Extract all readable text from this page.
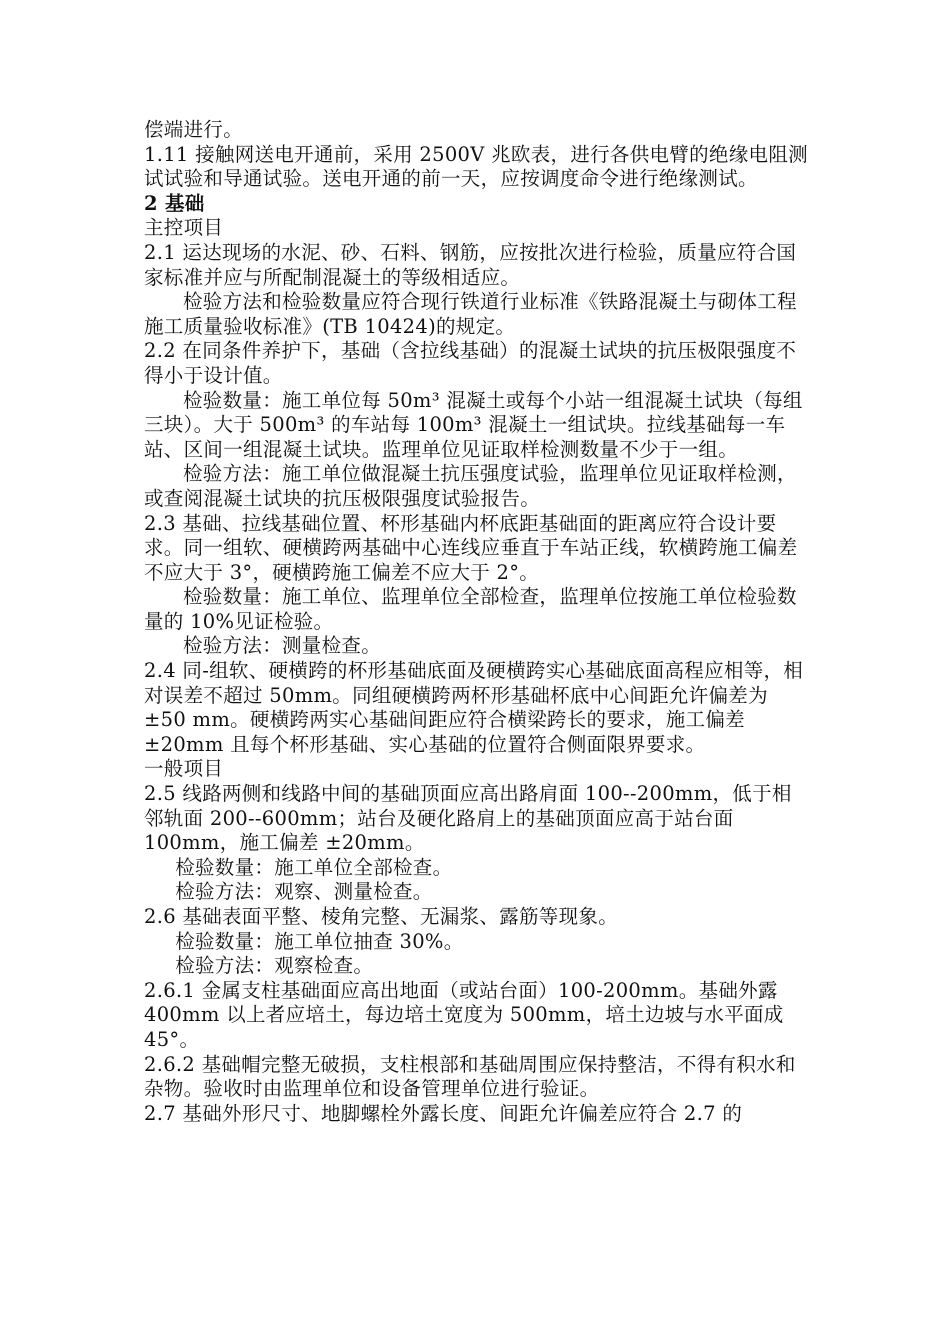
偿端进行。

1.11 接触网送电开通前，采用 2500V 兆欧表，进行各供电臂的绝缘电阻测试试验和导通试验。送电开通的前一天，应按调度命令进行绝缘测试。

2 基础

主控项目

2.1 运达现场的水泥、砂、石料、钢筋，应按批次进行检验，质量应符合国家标准并应与所配制混凝土的等级相适应。

检验方法和检验数量应符合现行铁道行业标准《铁路混凝土与砌体工程施工质量验收标准》(TB 10424)的规定。

2.2 在同条件养护下，基础（含拉线基础）的混凝土试块的抗压极限强度不得小于设计值。

检验数量：施工单位每 50m³ 混凝土或每个小站一组混凝土试块（每组三块）。大于 500m³ 的车站每 100m³ 混凝土一组试块。拉线基础每一车站、区间一组混凝土试块。监理单位见证取样检测数量不少于一组。

检验方法：施工单位做混凝土抗压强度试验，监理单位见证取样检测，或查阅混凝土试块的抗压极限强度试验报告。

2.3 基础、拉线基础位置、杯形基础内杯底距基础面的距离应符合设计要求。同一组软、硬横跨两基础中心连线应垂直于车站正线，软横跨施工偏差不应大于 3°，硬横跨施工偏差不应大于 2°。

检验数量：施工单位、监理单位全部检查，监理单位按施工单位检验数量的 10%见证检验。

检验方法：测量检查。

2.4 同-组软、硬横跨的杯形基础底面及硬横跨实心基础底面高程应相等，相对误差不超过 50mm。同组硬横跨两杯形基础杯底中心间距允许偏差为 ±50 mm。硬横跨两实心基础间距应符合横梁跨长的要求，施工偏差 ±20mm 且每个杯形基础、实心基础的位置符合侧面限界要求。

一般项目

2.5 线路两侧和线路中间的基础顶面应高出路肩面 100--200mm，低于相邻轨面 200--600mm；站台及硬化路肩上的基础顶面应高于站台面 100mm，施工偏差 ±20mm。

检验数量：施工单位全部检查。

检验方法：观察、测量检查。

2.6 基础表面平整、棱角完整、无漏浆、露筋等现象。

检验数量：施工单位抽查 30%。

检验方法：观察检查。

2.6.1 金属支柱基础面应高出地面（或站台面）100-200mm。基础外露 400mm 以上者应培土，每边培土宽度为 500mm，培土边坡与水平面成 45°。

2.6.2 基础帽完整无破损，支柱根部和基础周围应保持整洁，不得有积水和杂物。验收时由监理单位和设备管理单位进行验证。

2.7 基础外形尺寸、地脚螺栓外露长度、间距允许偏差应符合 2.7 的
